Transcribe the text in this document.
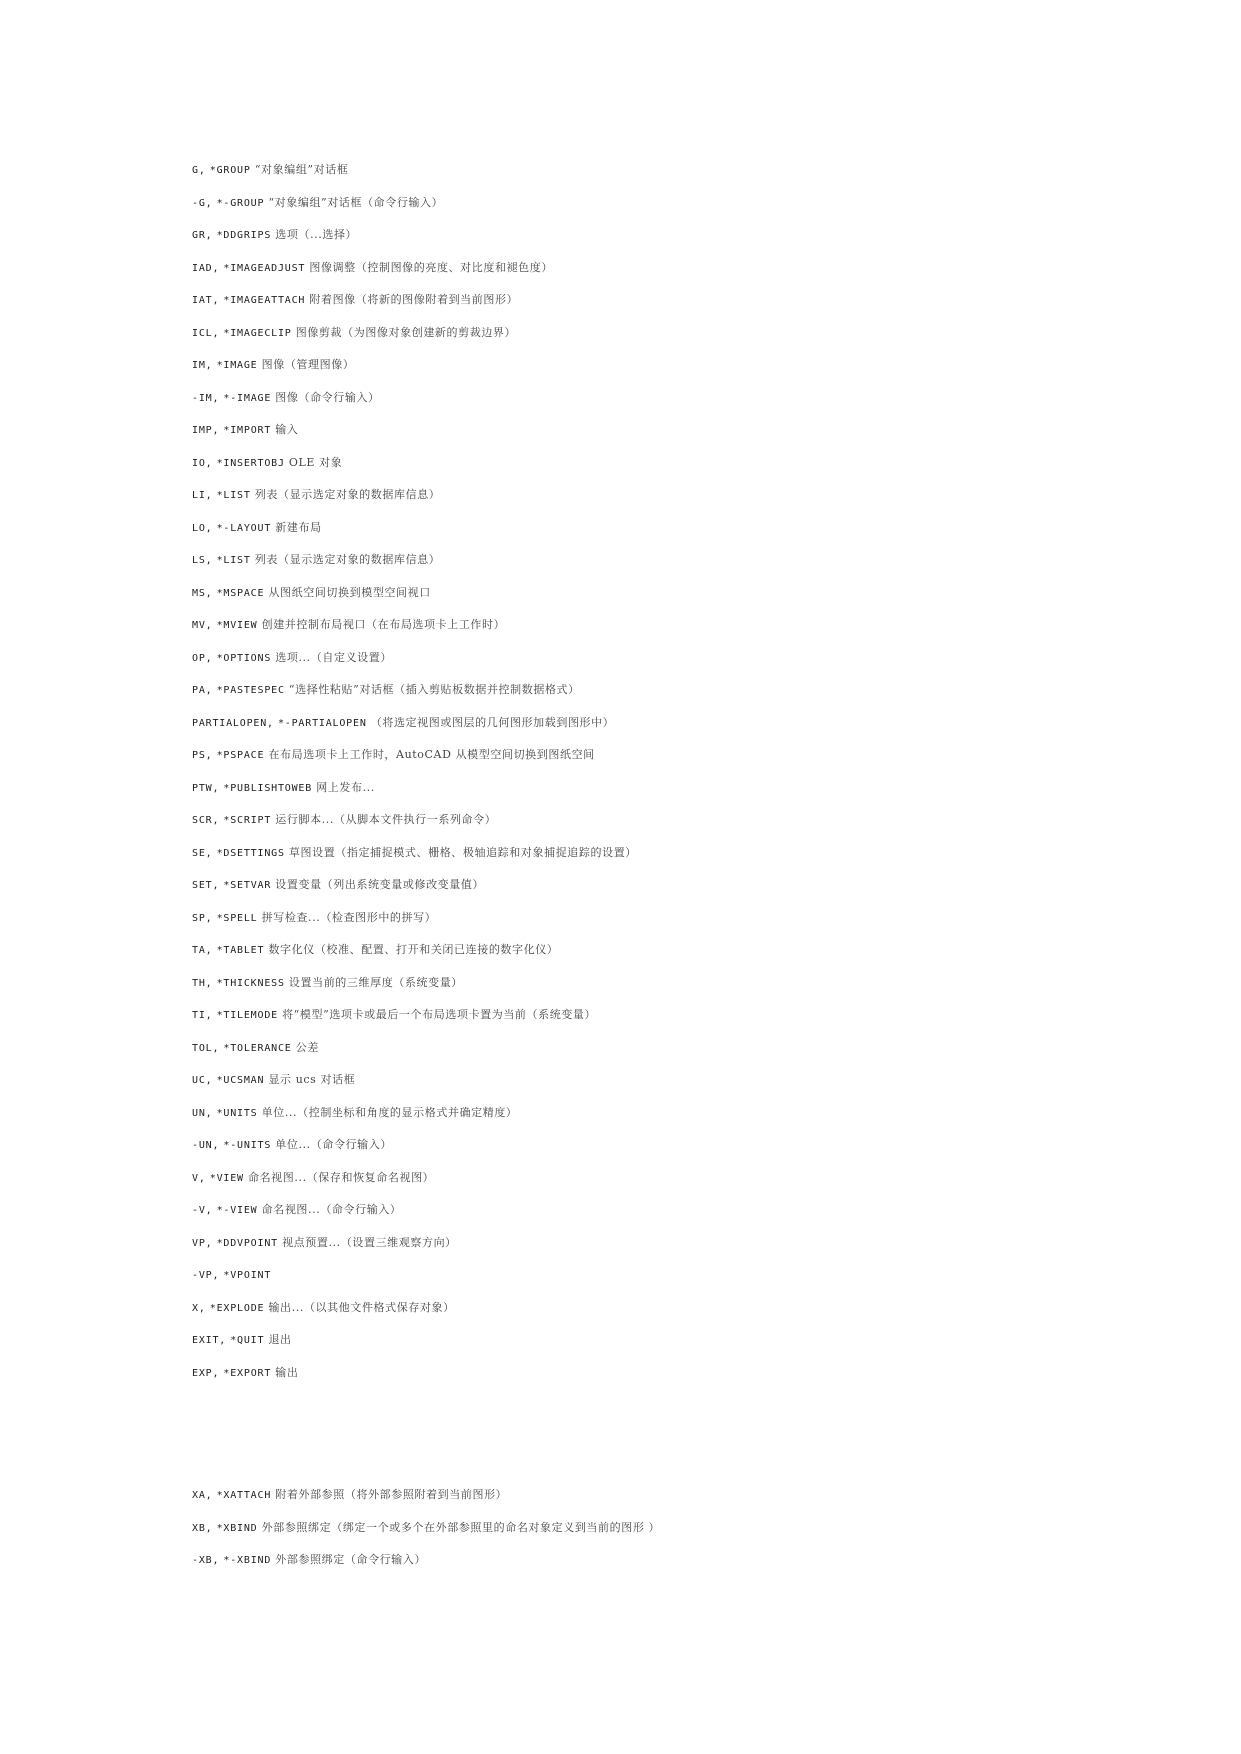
G, *GROUP “对象编组”对话框
-G, *-GROUP “对象编组”对话框（命令行输入）
GR, *DDGRIPS 选项（...选择）
IAD, *IMAGEADJUST 图像调整（控制图像的亮度、对比度和褪色度）
IAT, *IMAGEATTACH 附着图像（将新的图像附着到当前图形）
ICL, *IMAGECLIP 图像剪裁（为图像对象创建新的剪裁边界）
IM, *IMAGE 图像（管理图像）
-IM, *-IMAGE 图像（命令行输入）
IMP, *IMPORT 输入
IO, *INSERTOBJ OLE 对象
LI, *LIST 列表（显示选定对象的数据库信息）
LO, *-LAYOUT 新建布局
LS, *LIST 列表（显示选定对象的数据库信息）
MS, *MSPACE 从图纸空间切换到模型空间视口
MV, *MVIEW 创建并控制布局视口（在布局选项卡上工作时）
OP, *OPTIONS 选项...（自定义设置）
PA, *PASTESPEC “选择性粘贴”对话框（插入剪贴板数据并控制数据格式）
PARTIALOPEN, *-PARTIALOPEN （将选定视图或图层的几何图形加载到图形中）
PS, *PSPACE 在布局选项卡上工作时，AutoCAD 从模型空间切换到图纸空间
PTW, *PUBLISHTOWEB 网上发布...
SCR, *SCRIPT 运行脚本...（从脚本文件执行一系列命令）
SE, *DSETTINGS 草图设置（指定捕捉模式、栅格、极轴追踪和对象捕捉追踪的设置）
SET, *SETVAR 设置变量（列出系统变量或修改变量值）
SP, *SPELL 拼写检查...（检查图形中的拼写）
TA, *TABLET 数字化仪（校准、配置、打开和关闭已连接的数字化仪）
TH, *THICKNESS 设置当前的三维厚度（系统变量）
TI, *TILEMODE 将“模型”选项卡或最后一个布局选项卡置为当前（系统变量）
TOL, *TOLERANCE 公差
UC, *UCSMAN 显示 ucs 对话框
UN, *UNITS 单位...（控制坐标和角度的显示格式并确定精度）
-UN, *-UNITS 单位...（命令行输入）
V, *VIEW 命名视图...（保存和恢复命名视图）
-V, *-VIEW 命名视图...（命令行输入）
VP, *DDVPOINT 视点预置...（设置三维观察方向）
-VP, *VPOINT
X, *EXPLODE 输出...（以其他文件格式保存对象）
EXIT, *QUIT 退出
EXP, *EXPORT 输出
XA, *XATTACH 附着外部参照（将外部参照附着到当前图形）
XB, *XBIND 外部参照绑定（绑定一个或多个在外部参照里的命名对象定义到当前的图形 ）
-XB, *-XBIND 外部参照绑定（命令行输入）
